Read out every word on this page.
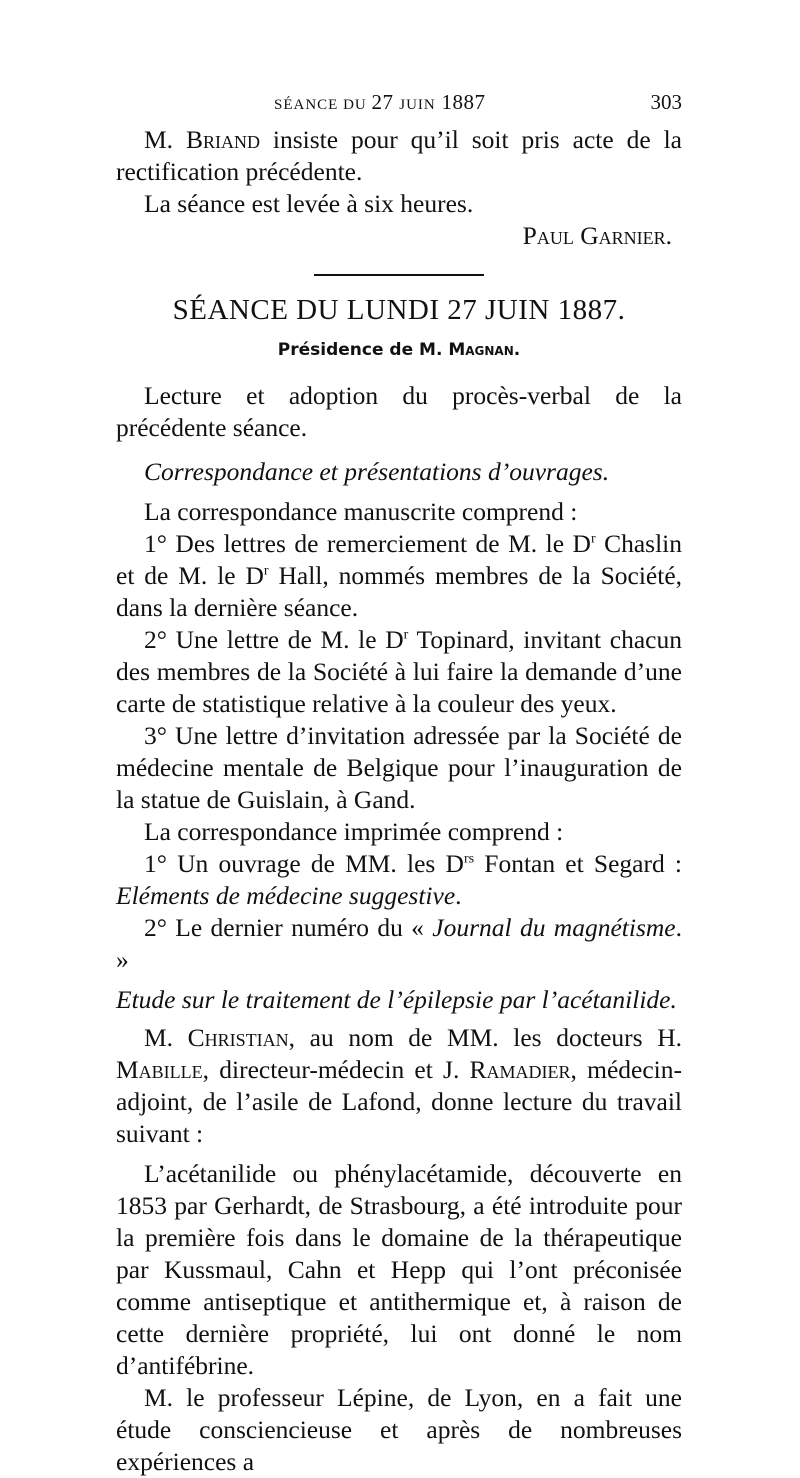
SÉANCE DU 27 JUIN 1887	303

M. Briand insiste pour qu’il soit pris acte de la rectification précédente.

La séance est levée à six heures.

Paul Garnier.

SÉANCE DU LUNDI 27 JUIN 1887.

Présidence de M. Magnan.

Lecture et adoption du procès-verbal de la précédente séance.

Correspondance et présentations d’ouvrages.

La correspondance manuscrite comprend :

1° Des lettres de remerciement de M. le $D^r$ Chaslin et de M. le $D^r$ Hall, nommés membres de la Société, dans la dernière séance.

2° Une lettre de M. le $D^r$ Topinard, invitant chacun des membres de la Société à lui faire la demande d’une carte de statistique relative à la couleur des yeux.

3° Une lettre d’invitation adressée par la Société de médecine mentale de Belgique pour l’inauguration de la statue de Guislain, à Gand.

La correspondance imprimée comprend :

1° Un ouvrage de MM. les $D^{rs}$ Fontan et Segard : Eléments de médecine suggestive.

2° Le dernier numéro du « Journal du magnétisme. »

Etude sur le traitement de l’épilepsie par l’acétanilide.

M. Christian, au nom de MM. les docteurs H. Mabille, directeur-médecin et J. Ramadier, médecin-adjoint, de l’asile de Lafond, donne lecture du travail suivant :

L’acétanilide ou phénylacétamide, découverte en 1853 par Gerhardt, de Strasbourg, a été introduite pour la première fois dans le domaine de la thérapeutique par Kussmaul, Cahn et Hepp qui l’ont préconisée comme antiseptique et antithermique et, à raison de cette dernière propriété, lui ont donné le nom d’antifébrine.

M. le professeur Lépine, de Lyon, en a fait une étude consciencieuse et après de nombreuses expériences a
